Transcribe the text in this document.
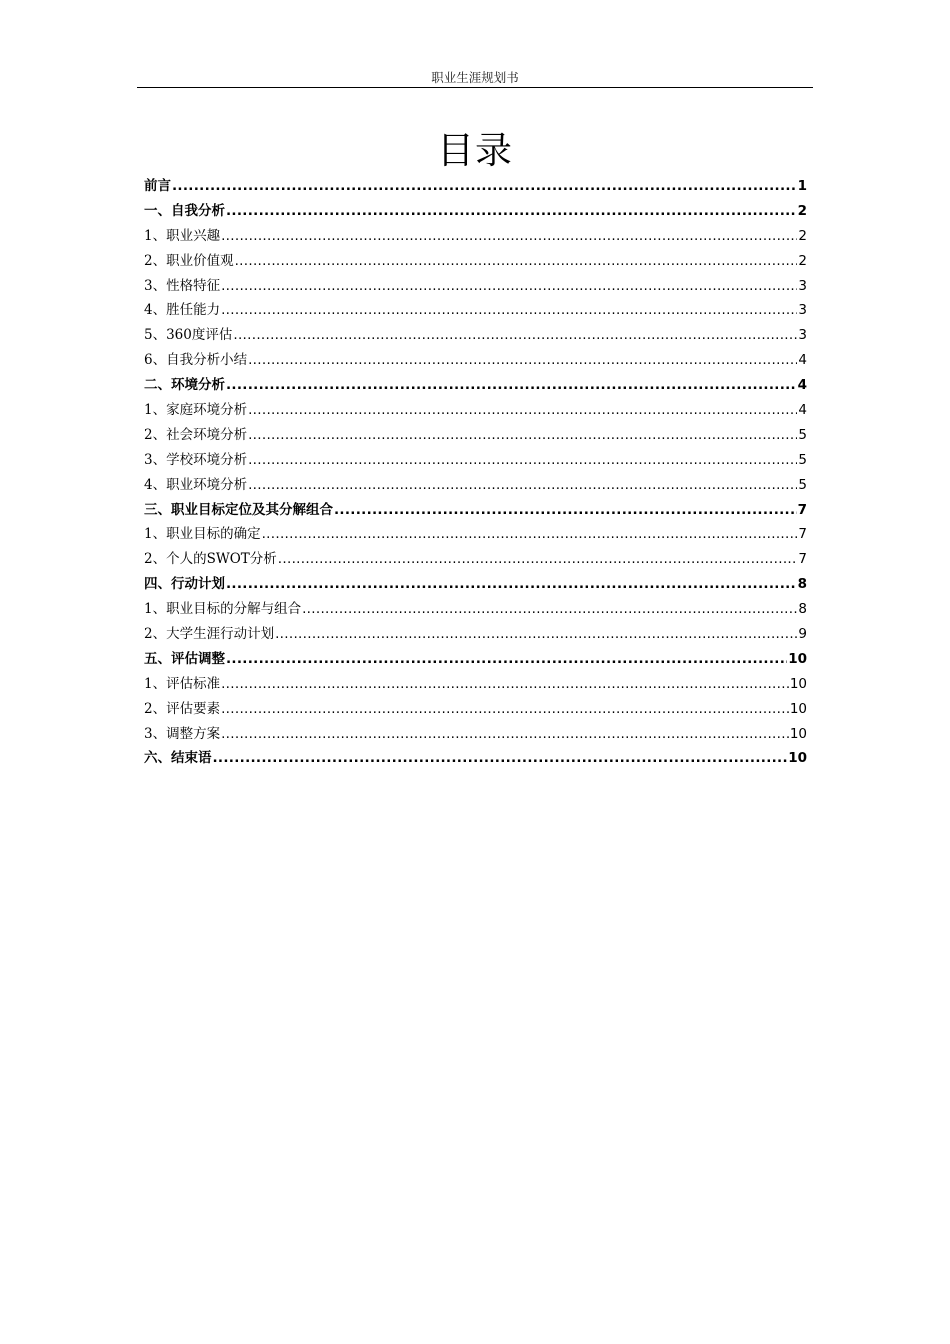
职业生涯规划书
目录
前言 .....	1
一、自我分析 .....	2
1、职业兴趣 .....	2
2、职业价值观 .....	2
3、性格特征 .....	3
4、胜任能力 .....	3
5、360度评估 .....	3
6、自我分析小结 .....	4
二、环境分析 .....	4
1、家庭环境分析 .....	4
2、社会环境分析 .....	5
3、学校环境分析 .....	5
4、职业环境分析 .....	5
三、职业目标定位及其分解组合 .....	7
1、职业目标的确定 .....	7
2、个人的SWOT分析 .....	7
四、行动计划 .....	8
1、职业目标的分解与组合 .....	8
2、大学生涯行动计划 .....	9
五、评估调整 .....	10
1、评估标准 .....	10
2、评估要素 .....	10
3、调整方案 .....	10
六、结束语 .....	10
